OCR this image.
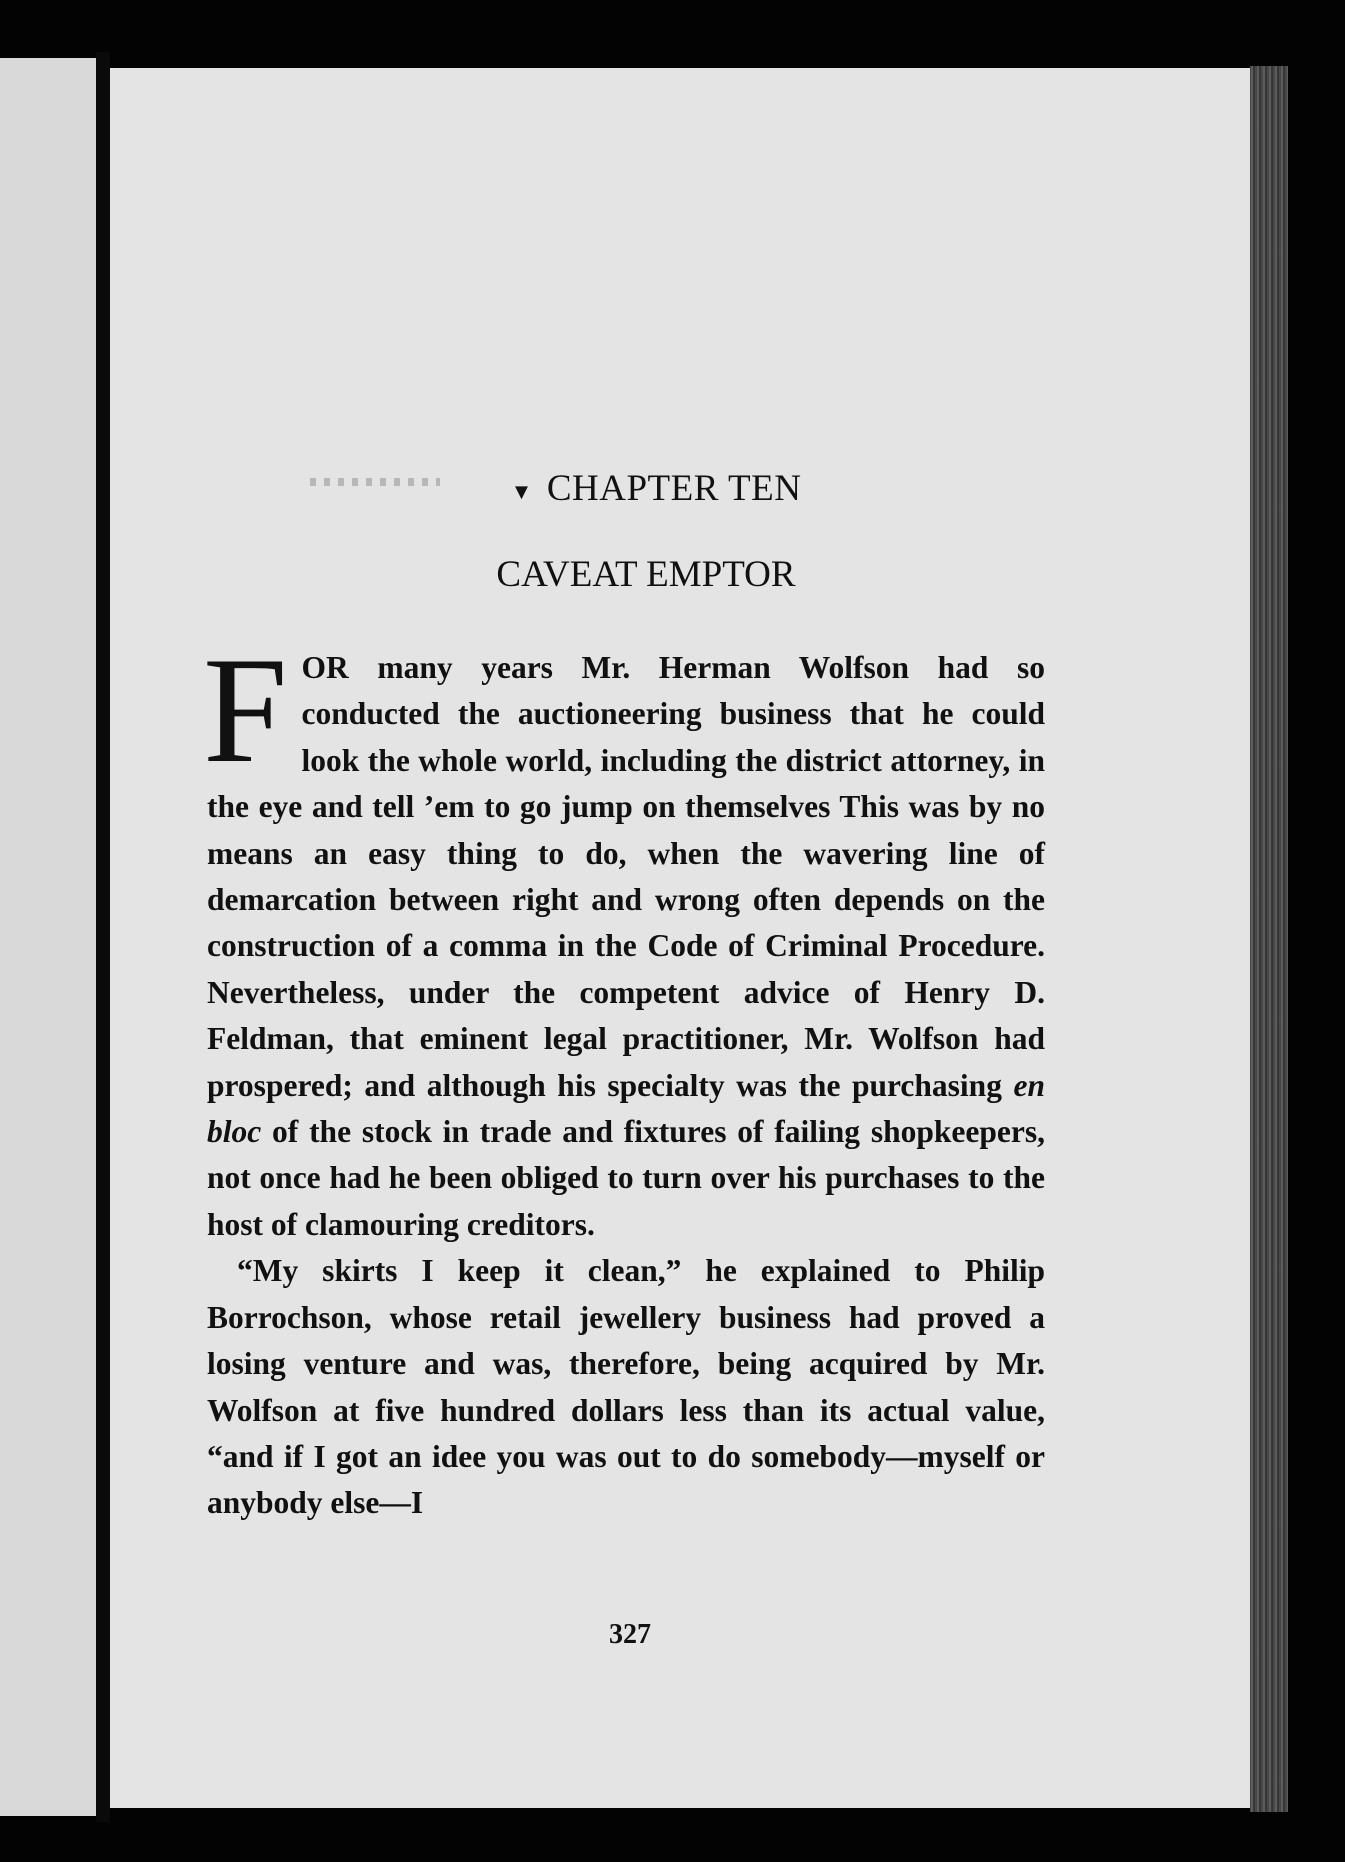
▼ CHAPTER TEN
CAVEAT EMPTOR

FOR many years Mr. Herman Wolfson had so conducted the auctioneering business that he could look the whole world, including the district attorney, in the eye and tell ’em to go jump on themselves This was by no means an easy thing to do, when the wavering line of demarcation between right and wrong often depends on the construction of a comma in the Code of Criminal Procedure. Nevertheless, under the competent advice of Henry D. Feldman, that eminent legal practitioner, Mr. Wolfson had prospered; and although his specialty was the purchasing en bloc of the stock in trade and fixtures of failing shopkeepers, not once had he been obliged to turn over his purchases to the host of clamouring creditors.

“My skirts I keep it clean,” he explained to Philip Borrochson, whose retail jewellery business had proved a losing venture and was, therefore, being acquired by Mr. Wolfson at five hundred dollars less than its actual value, “and if I got an idee you was out to do somebody—myself or anybody else—I

327
